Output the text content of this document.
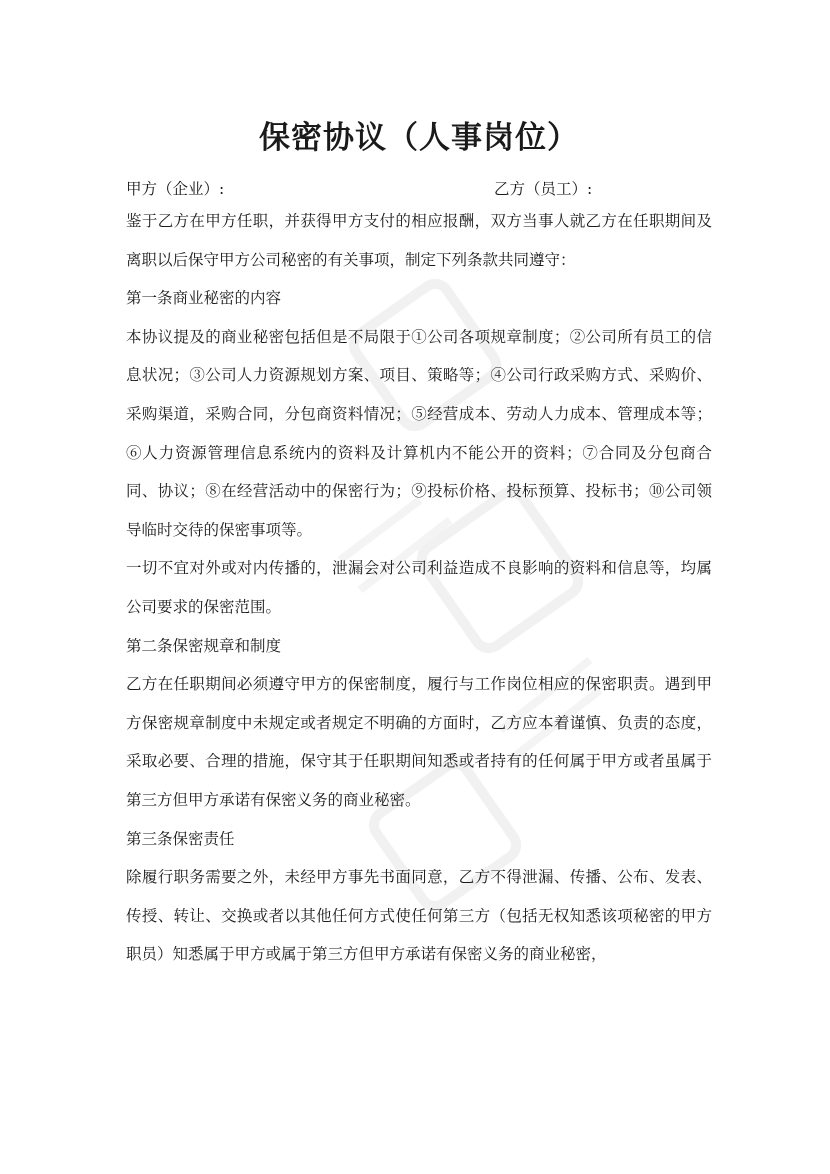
保密协议（人事岗位）
甲方（企业）:	乙方（员工）:

鉴于乙方在甲方任职，并获得甲方支付的相应报酬，双方当事人就乙方在任职期间及离职以后保守甲方公司秘密的有关事项，制定下列条款共同遵守：

第一条商业秘密的内容

本协议提及的商业秘密包括但是不局限于①公司各项规章制度；②公司所有员工的信息状况；③公司人力资源规划方案、项目、策略等；④公司行政采购方式、采购价、采购渠道，采购合同，分包商资料情况；⑤经营成本、劳动人力成本、管理成本等；⑥人力资源管理信息系统内的资料及计算机内不能公开的资料；⑦合同及分包商合同、协议；⑧在经营活动中的保密行为；⑨投标价格、投标预算、投标书；⑩公司领导临时交待的保密事项等。

一切不宜对外或对内传播的，泄漏会对公司利益造成不良影响的资料和信息等，均属公司要求的保密范围。

第二条保密规章和制度

乙方在任职期间必须遵守甲方的保密制度，履行与工作岗位相应的保密职责。遇到甲方保密规章制度中未规定或者规定不明确的方面时，乙方应本着谨慎、负责的态度，采取必要、合理的措施，保守其于任职期间知悉或者持有的任何属于甲方或者虽属于第三方但甲方承诺有保密义务的商业秘密。

第三条保密责任

除履行职务需要之外，未经甲方事先书面同意，乙方不得泄漏、传播、公布、发表、传授、转让、交换或者以其他任何方式使任何第三方（包括无权知悉该项秘密的甲方职员）知悉属于甲方或属于第三方但甲方承诺有保密义务的商业秘密，
